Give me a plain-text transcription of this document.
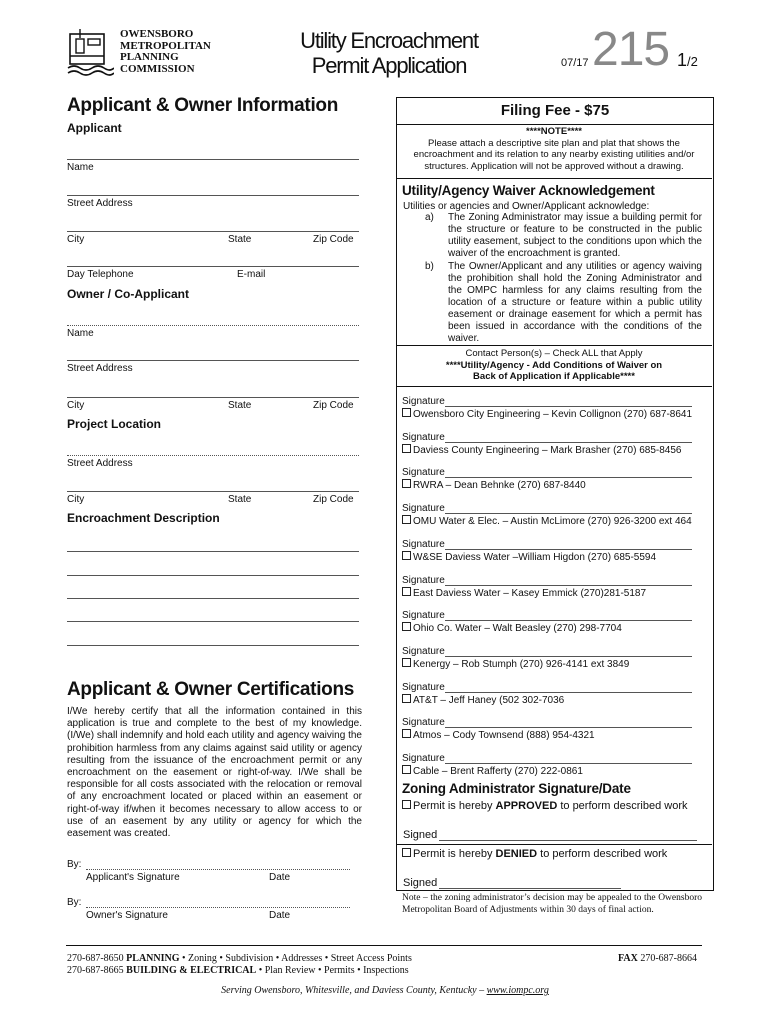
OWENSBORO
METROPOLITAN
PLANNING
COMMISSION
Utility Encroachment
Permit Application	07/17 215 1/2
Applicant & Owner Information
Applicant
Name
Street Address
City	State	Zip Code
Day Telephone	E-mail
Owner / Co-Applicant
Name
Street Address
City	State	Zip Code
Project Location
Street Address
City	State	Zip Code
Encroachment Description
Applicant & Owner Certifications
I/We hereby certify that all the information contained in this application is true and complete to the best of my knowledge. (I/We) shall indemnify and hold each utility and agency waiving the prohibition harmless from any claims against said utility or agency resulting from the issuance of the encroachment permit or any encroachment on the easement or right-of-way. I/We shall be responsible for all costs associated with the relocation or removal of any encroachment located or placed within an easement or right-of-way if/when it becomes necessary to allow access to or use of an easement by any utility or agency for which the easement was created.
By:
Applicant's Signature	Date
By:
Owner's Signature	Date
Filing Fee - $75
****NOTE****
Please attach a descriptive site plan and plat that shows the encroachment and its relation to any nearby existing utilities and/or structures. Application will not be approved without a drawing.
Utility/Agency Waiver Acknowledgement
Utilities or agencies and Owner/Applicant acknowledge:
a) The Zoning Administrator may issue a building permit for the structure or feature to be constructed in the public utility easement, subject to the conditions upon which the waiver of the encroachment is granted.
b) The Owner/Applicant and any utilities or agency waiving the prohibition shall hold the Zoning Administrator and the OMPC harmless for any claims resulting from the location of a structure or feature within a public utility easement or drainage easement for which a permit has been issued in accordance with the conditions of the waiver.
Contact Person(s) – Check ALL that Apply
****Utility/Agency - Add Conditions of Waiver on Back of Application if Applicable****
Signature
Owensboro City Engineering – Kevin Collignon (270) 687-8641
Signature
Daviess County Engineering – Mark Brasher (270) 685-8456
Signature
RWRA – Dean Behnke (270) 687-8440
Signature
OMU Water & Elec. – Austin McLimore (270) 926-3200 ext 464
Signature
W&SE Daviess Water –William Higdon (270) 685-5594
Signature
East Daviess Water – Kasey Emmick (270)281-5187
Signature
Ohio Co. Water – Walt Beasley (270) 298-7704
Signature
Kenergy – Rob Stumph (270) 926-4141 ext 3849
Signature
AT&T – Jeff Haney (502 302-7036
Signature
Atmos – Cody Townsend (888) 954-4321
Signature
Cable – Brent Rafferty (270) 222-0861
Zoning Administrator Signature/Date
Permit is hereby APPROVED to perform described work
Signed
Permit is hereby DENIED to perform described work
Signed
Note – the zoning administrator’s decision may be appealed to the Owensboro Metropolitan Board of Adjustments within 30 days of final action.
270-687-8650 PLANNING • Zoning • Subdivision • Addresses • Street Access Points	FAX 270-687-8664
270-687-8665 BUILDING & ELECTRICAL • Plan Review • Permits • Inspections
Serving Owensboro, Whitesville, and Daviess County, Kentucky – www.iompc.org
